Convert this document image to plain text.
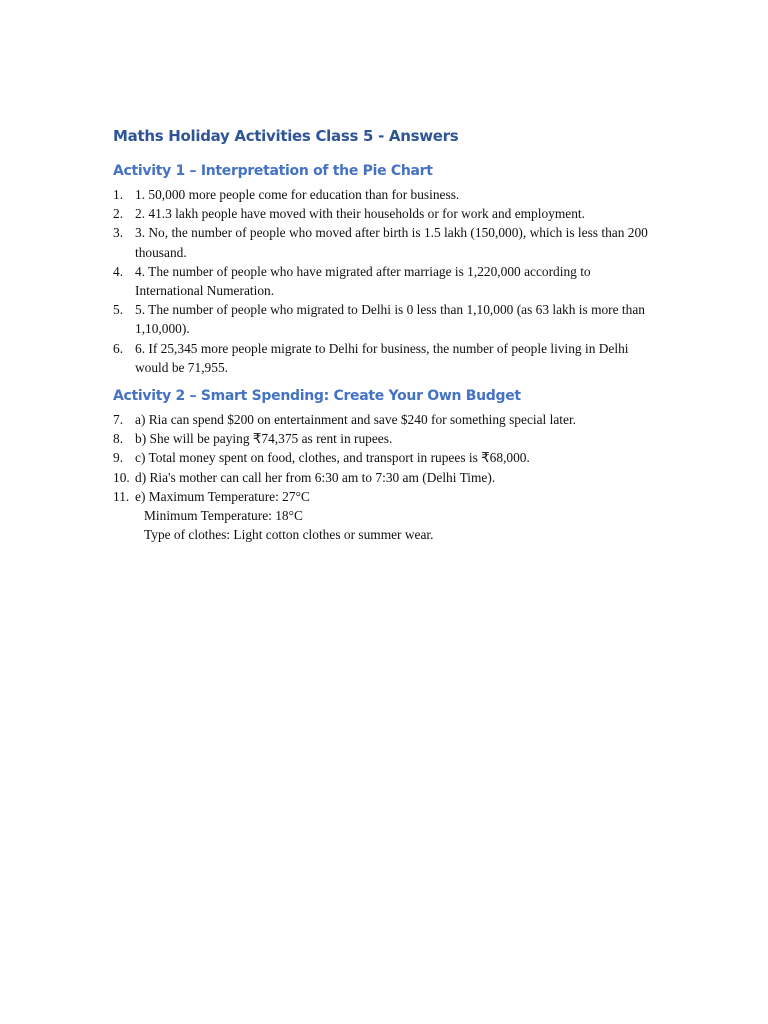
Maths Holiday Activities Class 5 - Answers
Activity 1 – Interpretation of the Pie Chart
1. 1. 50,000 more people come for education than for business.
2. 2. 41.3 lakh people have moved with their households or for work and employment.
3. 3. No, the number of people who moved after birth is 1.5 lakh (150,000), which is less than 200 thousand.
4. 4. The number of people who have migrated after marriage is 1,220,000 according to International Numeration.
5. 5. The number of people who migrated to Delhi is 0 less than 1,10,000 (as 63 lakh is more than 1,10,000).
6. 6. If 25,345 more people migrate to Delhi for business, the number of people living in Delhi would be 71,955.
Activity 2 – Smart Spending: Create Your Own Budget
7. a) Ria can spend $200 on entertainment and save $240 for something special later.
8. b) She will be paying ₹74,375 as rent in rupees.
9. c) Total money spent on food, clothes, and transport in rupees is ₹68,000.
10. d) Ria's mother can call her from 6:30 am to 7:30 am (Delhi Time).
11. e) Maximum Temperature: 27°C
Minimum Temperature: 18°C
Type of clothes: Light cotton clothes or summer wear.
